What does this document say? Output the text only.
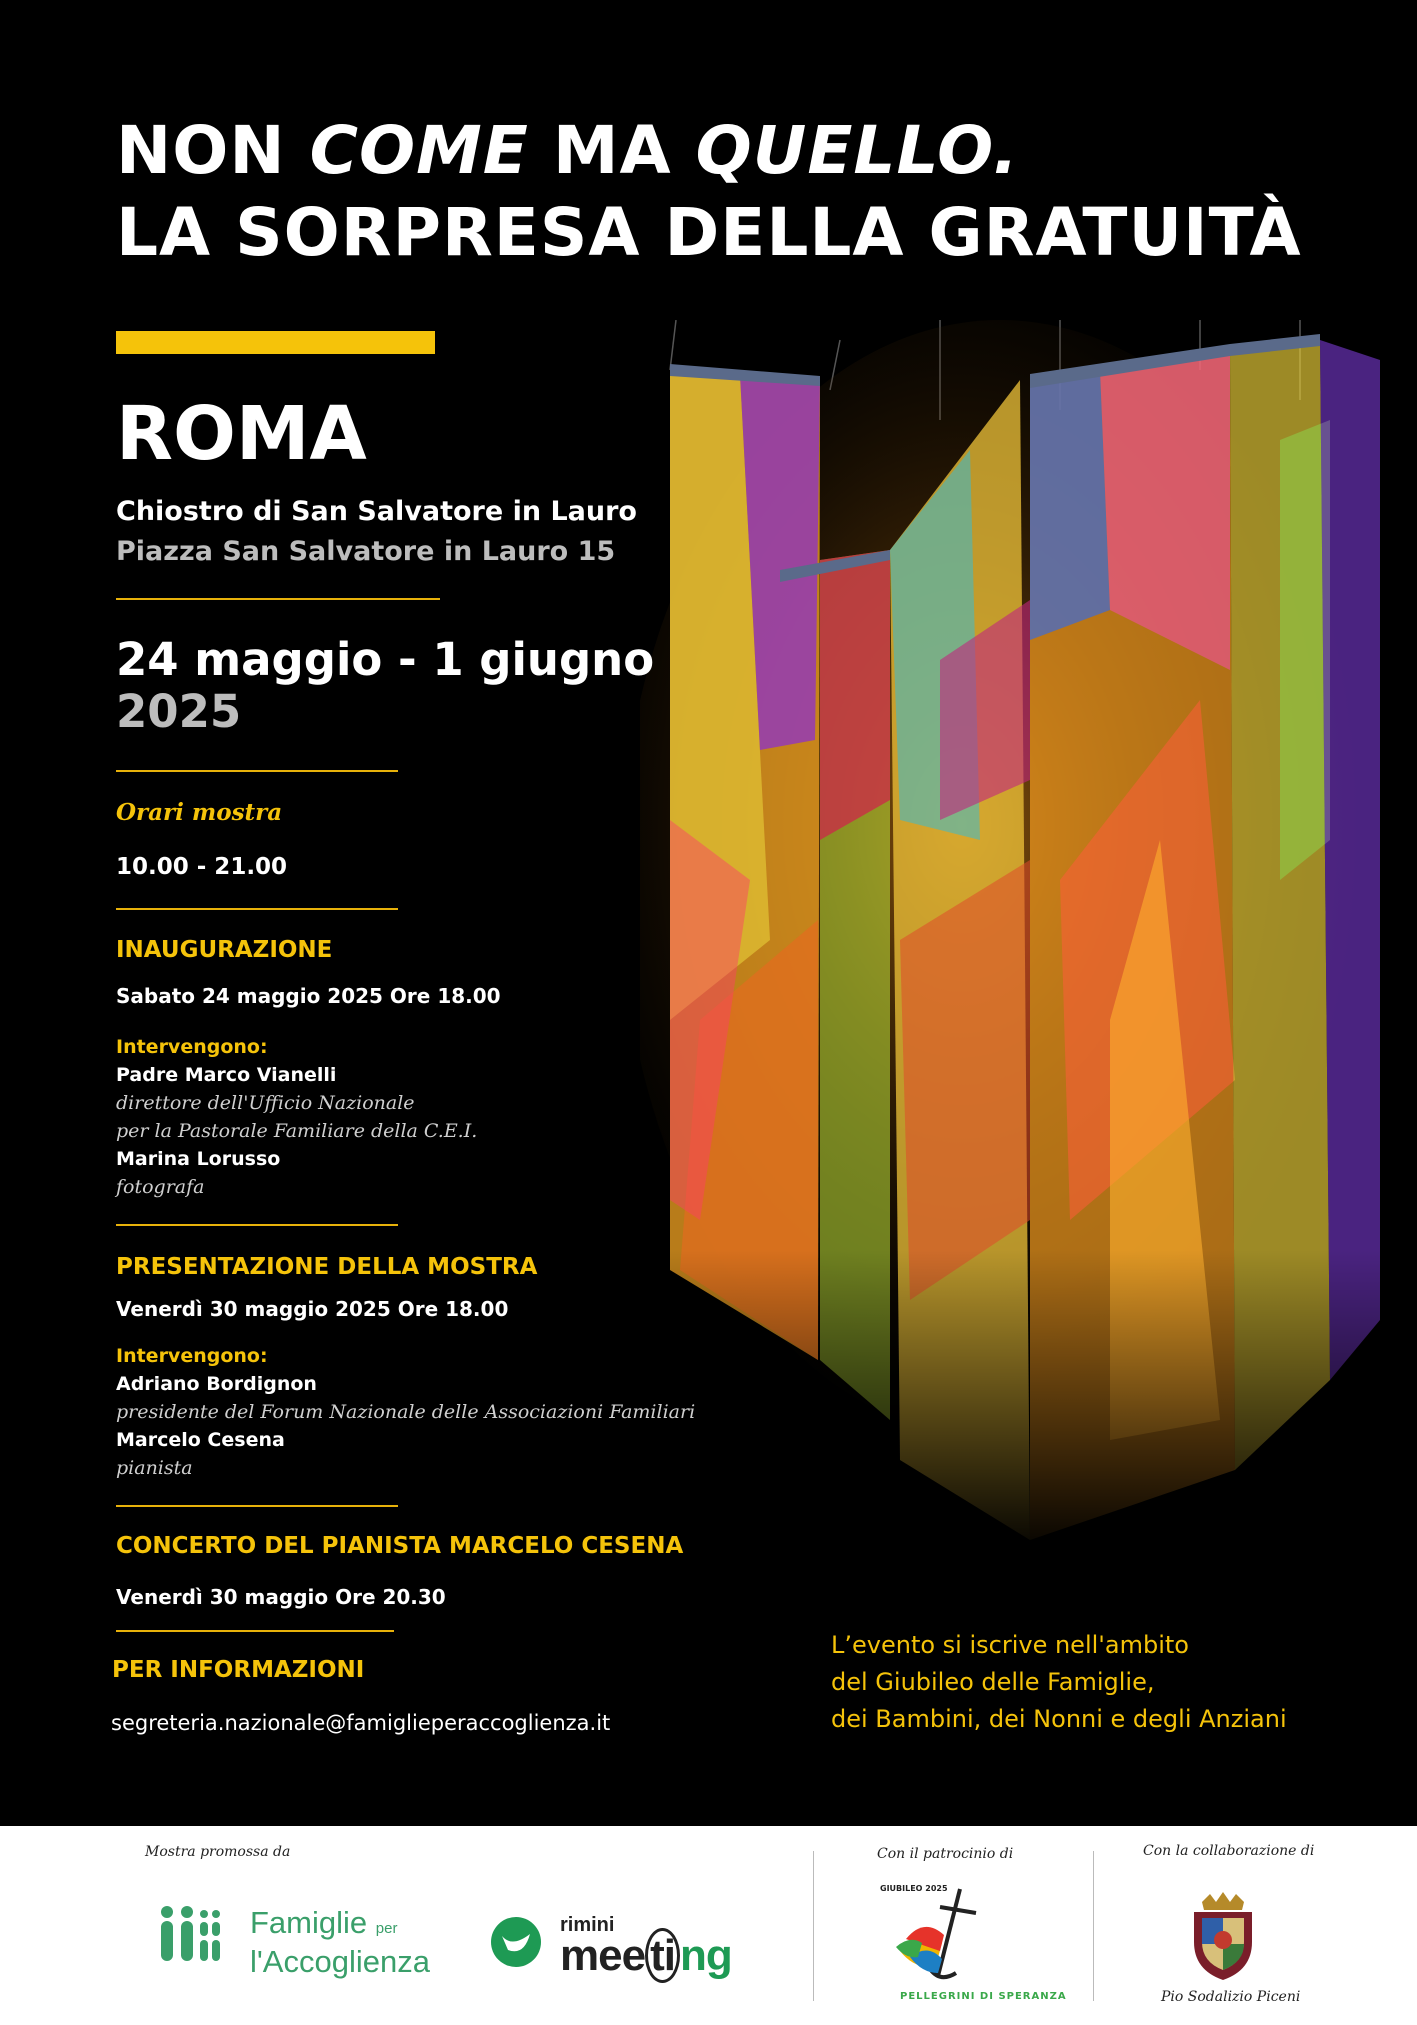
NON COME MA QUELLO.
LA SORPRESA DELLA GRATUITÀ
ROMA
Chiostro di San Salvatore in Lauro
Piazza San Salvatore in Lauro 15
24 maggio - 1 giugno
2025
Orari mostra
10.00 - 21.00
INAUGURAZIONE
Sabato 24 maggio 2025 Ore 18.00
Intervengono:
Padre Marco Vianelli
direttore dell'Ufficio Nazionale
per la Pastorale Familiare della C.E.I.
Marina Lorusso
fotografa
PRESENTAZIONE DELLA MOSTRA
Venerdì 30 maggio 2025 Ore 18.00
Intervengono:
Adriano Bordignon
presidente del Forum Nazionale delle Associazioni Familiari
Marcelo Cesena
pianista
CONCERTO DEL PIANISTA MARCELO CESENA
Venerdì 30 maggio Ore 20.30
PER INFORMAZIONI
segreteria.nazionale@famiglieperaccoglienza.it
L’evento si iscrive nell'ambito
del Giubileo delle Famiglie,
dei Bambini, dei Nonni e degli Anziani
Mostra promossa da
Famiglie per
l'Accoglienza
rimini
mee ti ng
Con il patrocinio di
GIUBILEO 2025
PELLEGRINI DI SPERANZA
Con la collaborazione di
Pio Sodalizio Piceni
